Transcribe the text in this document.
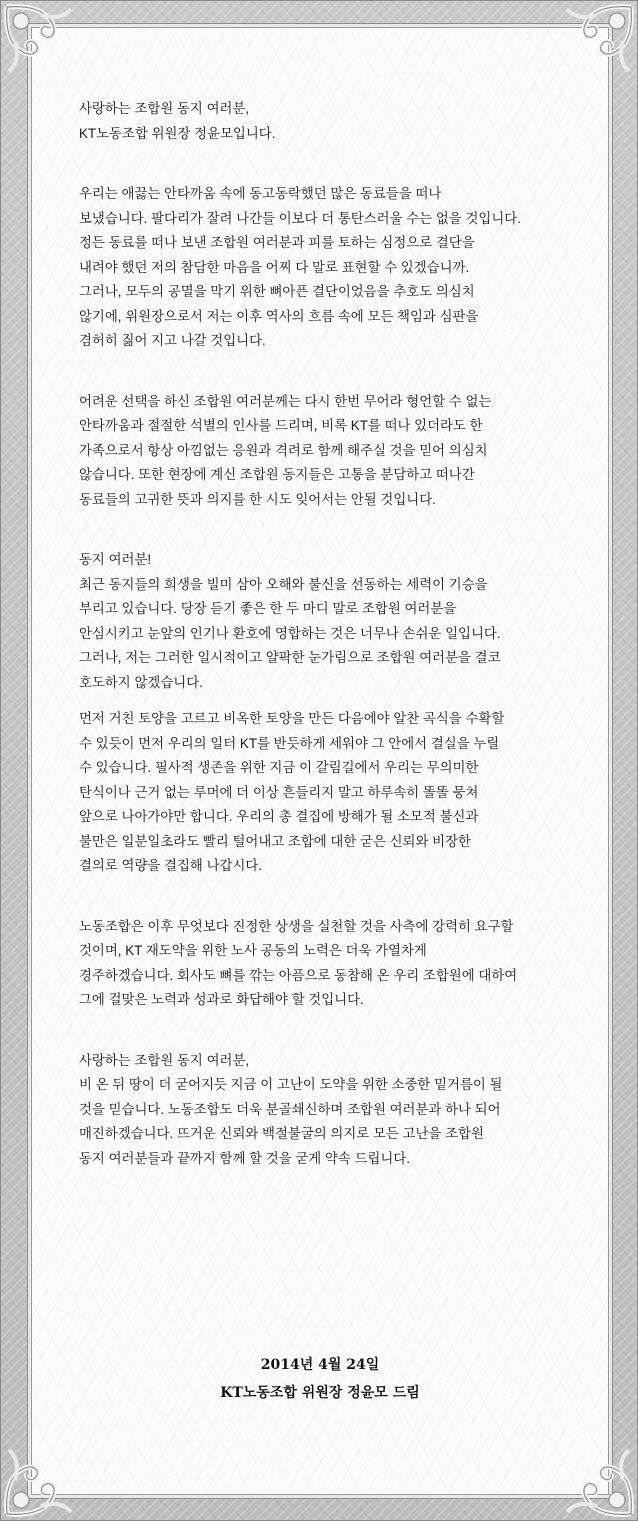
사랑하는 조합원 동지 여러분,
KT노동조합 위원장 정윤모입니다.
우리는 애끓는 안타까움 속에 동고동락했던 많은 동료들을 떠나
보냈습니다. 팔다리가 잘려 나간들 이보다 더 통탄스러울 수는 없을 것입니다.
정든 동료를 떠나 보낸 조합원 여러분과 피를 토하는 심정으로 결단을
내려야 했던 저의 참담한 마음을 어찌 다 말로 표현할 수 있겠습니까.
그러나, 모두의 공멸을 막기 위한 뼈아픈 결단이었음을 추호도 의심치
않기에, 위원장으로서 저는 이후 역사의 흐름 속에 모든 책임과 심판을
겸허히 짊어 지고 나갈 것입니다.
어려운 선택을 하신 조합원 여러분께는 다시 한번 무어라 형언할 수 없는
안타까움과 절절한 석별의 인사를 드리며, 비록 KT를 떠나 있더라도 한
가족으로서 항상 아낌없는 응원과 격려로 함께 해주실 것을 믿어 의심치
않습니다. 또한 현장에 계신 조합원 동지들은 고통을 분담하고 떠나간
동료들의 고귀한 뜻과 의지를 한 시도 잊어서는 안될 것입니다.
동지 여러분!
최근 동지들의 희생을 빌미 삼아 오해와 불신을 선동하는 세력이 기승을
부리고 있습니다. 당장 듣기 좋은 한 두 마디 말로 조합원 여러분을
안심시키고 눈앞의 인기나 환호에 영합하는 것은 너무나 손쉬운 일입니다.
그러나, 저는 그러한 일시적이고 얄팍한 눈가림으로 조합원 여러분을 결코
호도하지 않겠습니다.
먼저 거친 토양을 고르고 비옥한 토양을 만든 다음에야 알찬 곡식을 수확할
수 있듯이 먼저 우리의 일터 KT를 반듯하게 세워야 그 안에서 결실을 누릴
수 있습니다. 필사적 생존을 위한 지금 이 갈림길에서 우리는 무의미한
탄식이나 근거 없는 루머에 더 이상 흔들리지 말고 하루속히 똘똘 뭉쳐
앞으로 나아가야만 합니다. 우리의 총 결집에 방해가 될 소모적 불신과
불만은 일분일초라도 빨리 털어내고 조합에 대한 굳은 신뢰와 비장한
결의로 역량을 결집해 나갑시다.
노동조합은 이후 무엇보다 진정한 상생을 실천할 것을 사측에 강력히 요구할
것이며, KT 재도약을 위한 노사 공동의 노력은 더욱 가열차게
경주하겠습니다. 회사도 뼈를 깎는 아픔으로 동참해 온 우리 조합원에 대하여
그에 걸맞은 노력과 성과로 화답해야 할 것입니다.
사랑하는 조합원 동지 여러분,
비 온 뒤 땅이 더 굳어지듯 지금 이 고난이 도약을 위한 소중한 밑거름이 될
것을 믿습니다. 노동조합도 더욱 분골쇄신하며 조합원 여러분과 하나 되어
매진하겠습니다. 뜨거운 신뢰와 백절불굴의 의지로 모든 고난을 조합원
동지 여러분들과 끝까지 함께 할 것을 굳게 약속 드립니다.
2014년 4월 24일
KT노동조합 위원장 정윤모 드림
